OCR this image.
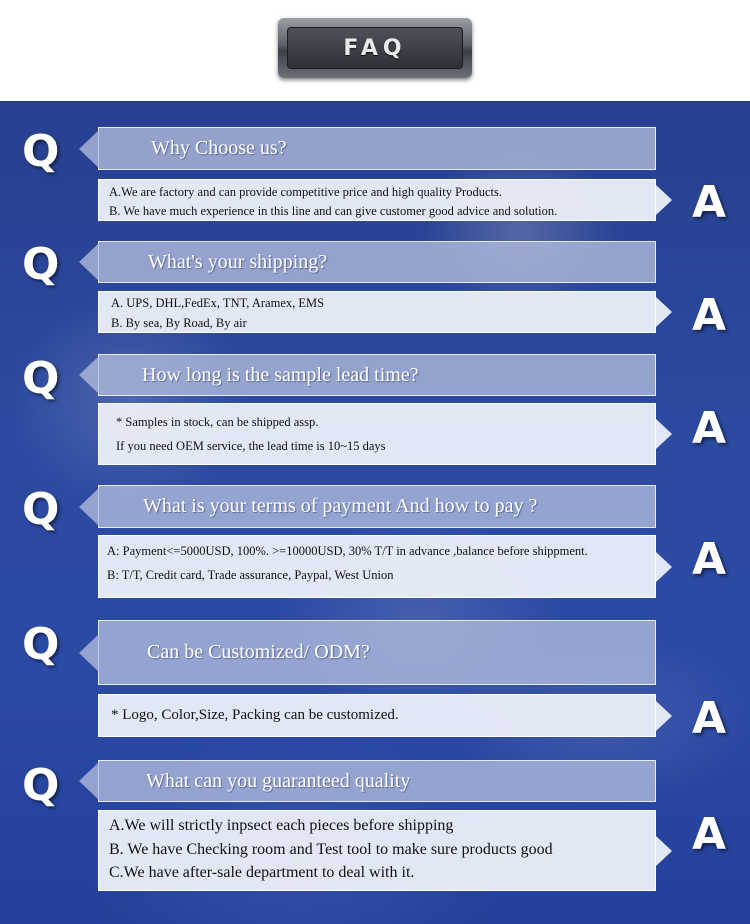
FAQ
Q	Why Choose us?
A.We are factory and can provide competitive price and high quality Products.
B. We have much experience in this line and can give customer good advice and solution.	A
Q	What's your shipping?
A. UPS, DHL,FedEx, TNT, Aramex, EMS
B. By sea, By Road, By air	A
Q	How long is the sample lead time?
* Samples in stock, can be shipped assp.
If you need OEM service, the lead time is 10~15 days	A
Q	What is your terms of payment And how to pay ?
A: Payment<=5000USD, 100%. >=10000USD, 30% T/T in advance ,balance before shippment.
B: T/T, Credit card, Trade assurance, Paypal, West Union	A
Q	Can be Customized/ ODM?
* Logo, Color,Size, Packing can be customized.	A
Q	What can you guaranteed quality
A.We will strictly inpsect each pieces before shipping
B. We have Checking room and Test tool to make sure products good
C.We have after-sale department to deal with it.
A
